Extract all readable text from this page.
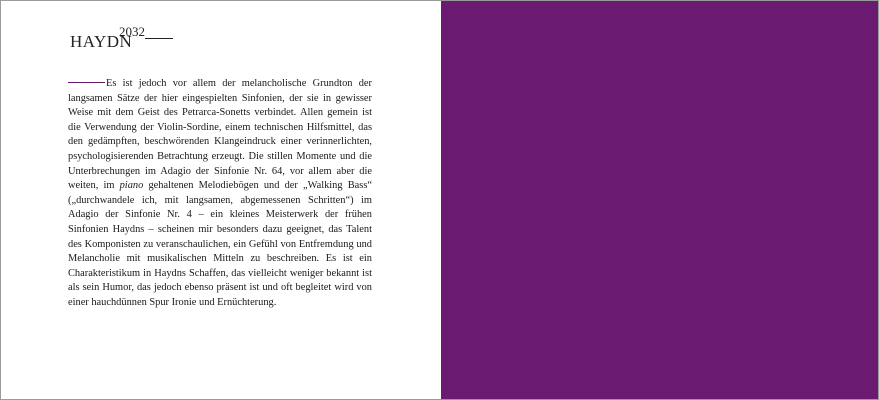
HAYDN
2032
Es ist jedoch vor allem der melancholische Grundton der langsamen Sätze der hier eingespielten Sinfonien, der sie in gewisser Weise mit dem Geist des Petrarca-Sonetts verbindet. Allen gemein ist die Verwendung der Violin-Sordine, einem technischen Hilfsmittel, das den gedämpften, beschwörenden Klangeindruck einer verinnerlichten, psychologisierenden Betrachtung erzeugt. Die stillen Momente und die Unterbrechungen im Adagio der Sinfonie Nr. 64, vor allem aber die weiten, im piano gehaltenen Melodiebögen und der „Walking Bass“ („durchwandele ich, mit langsamen, abgemessenen Schritten“) im Adagio der Sinfonie Nr. 4 – ein kleines Meisterwerk der frühen Sinfonien Haydns – scheinen mir besonders dazu geeignet, das Talent des Komponisten zu veranschaulichen, ein Gefühl von Entfremdung und Melancholie mit musikalischen Mitteln zu beschreiben. Es ist ein Charakteristikum in Haydns Schaffen, das vielleicht weniger bekannt ist als sein Humor, das jedoch ebenso präsent ist und oft begleitet wird von einer hauchdünnen Spur Ironie und Ernüchterung.
